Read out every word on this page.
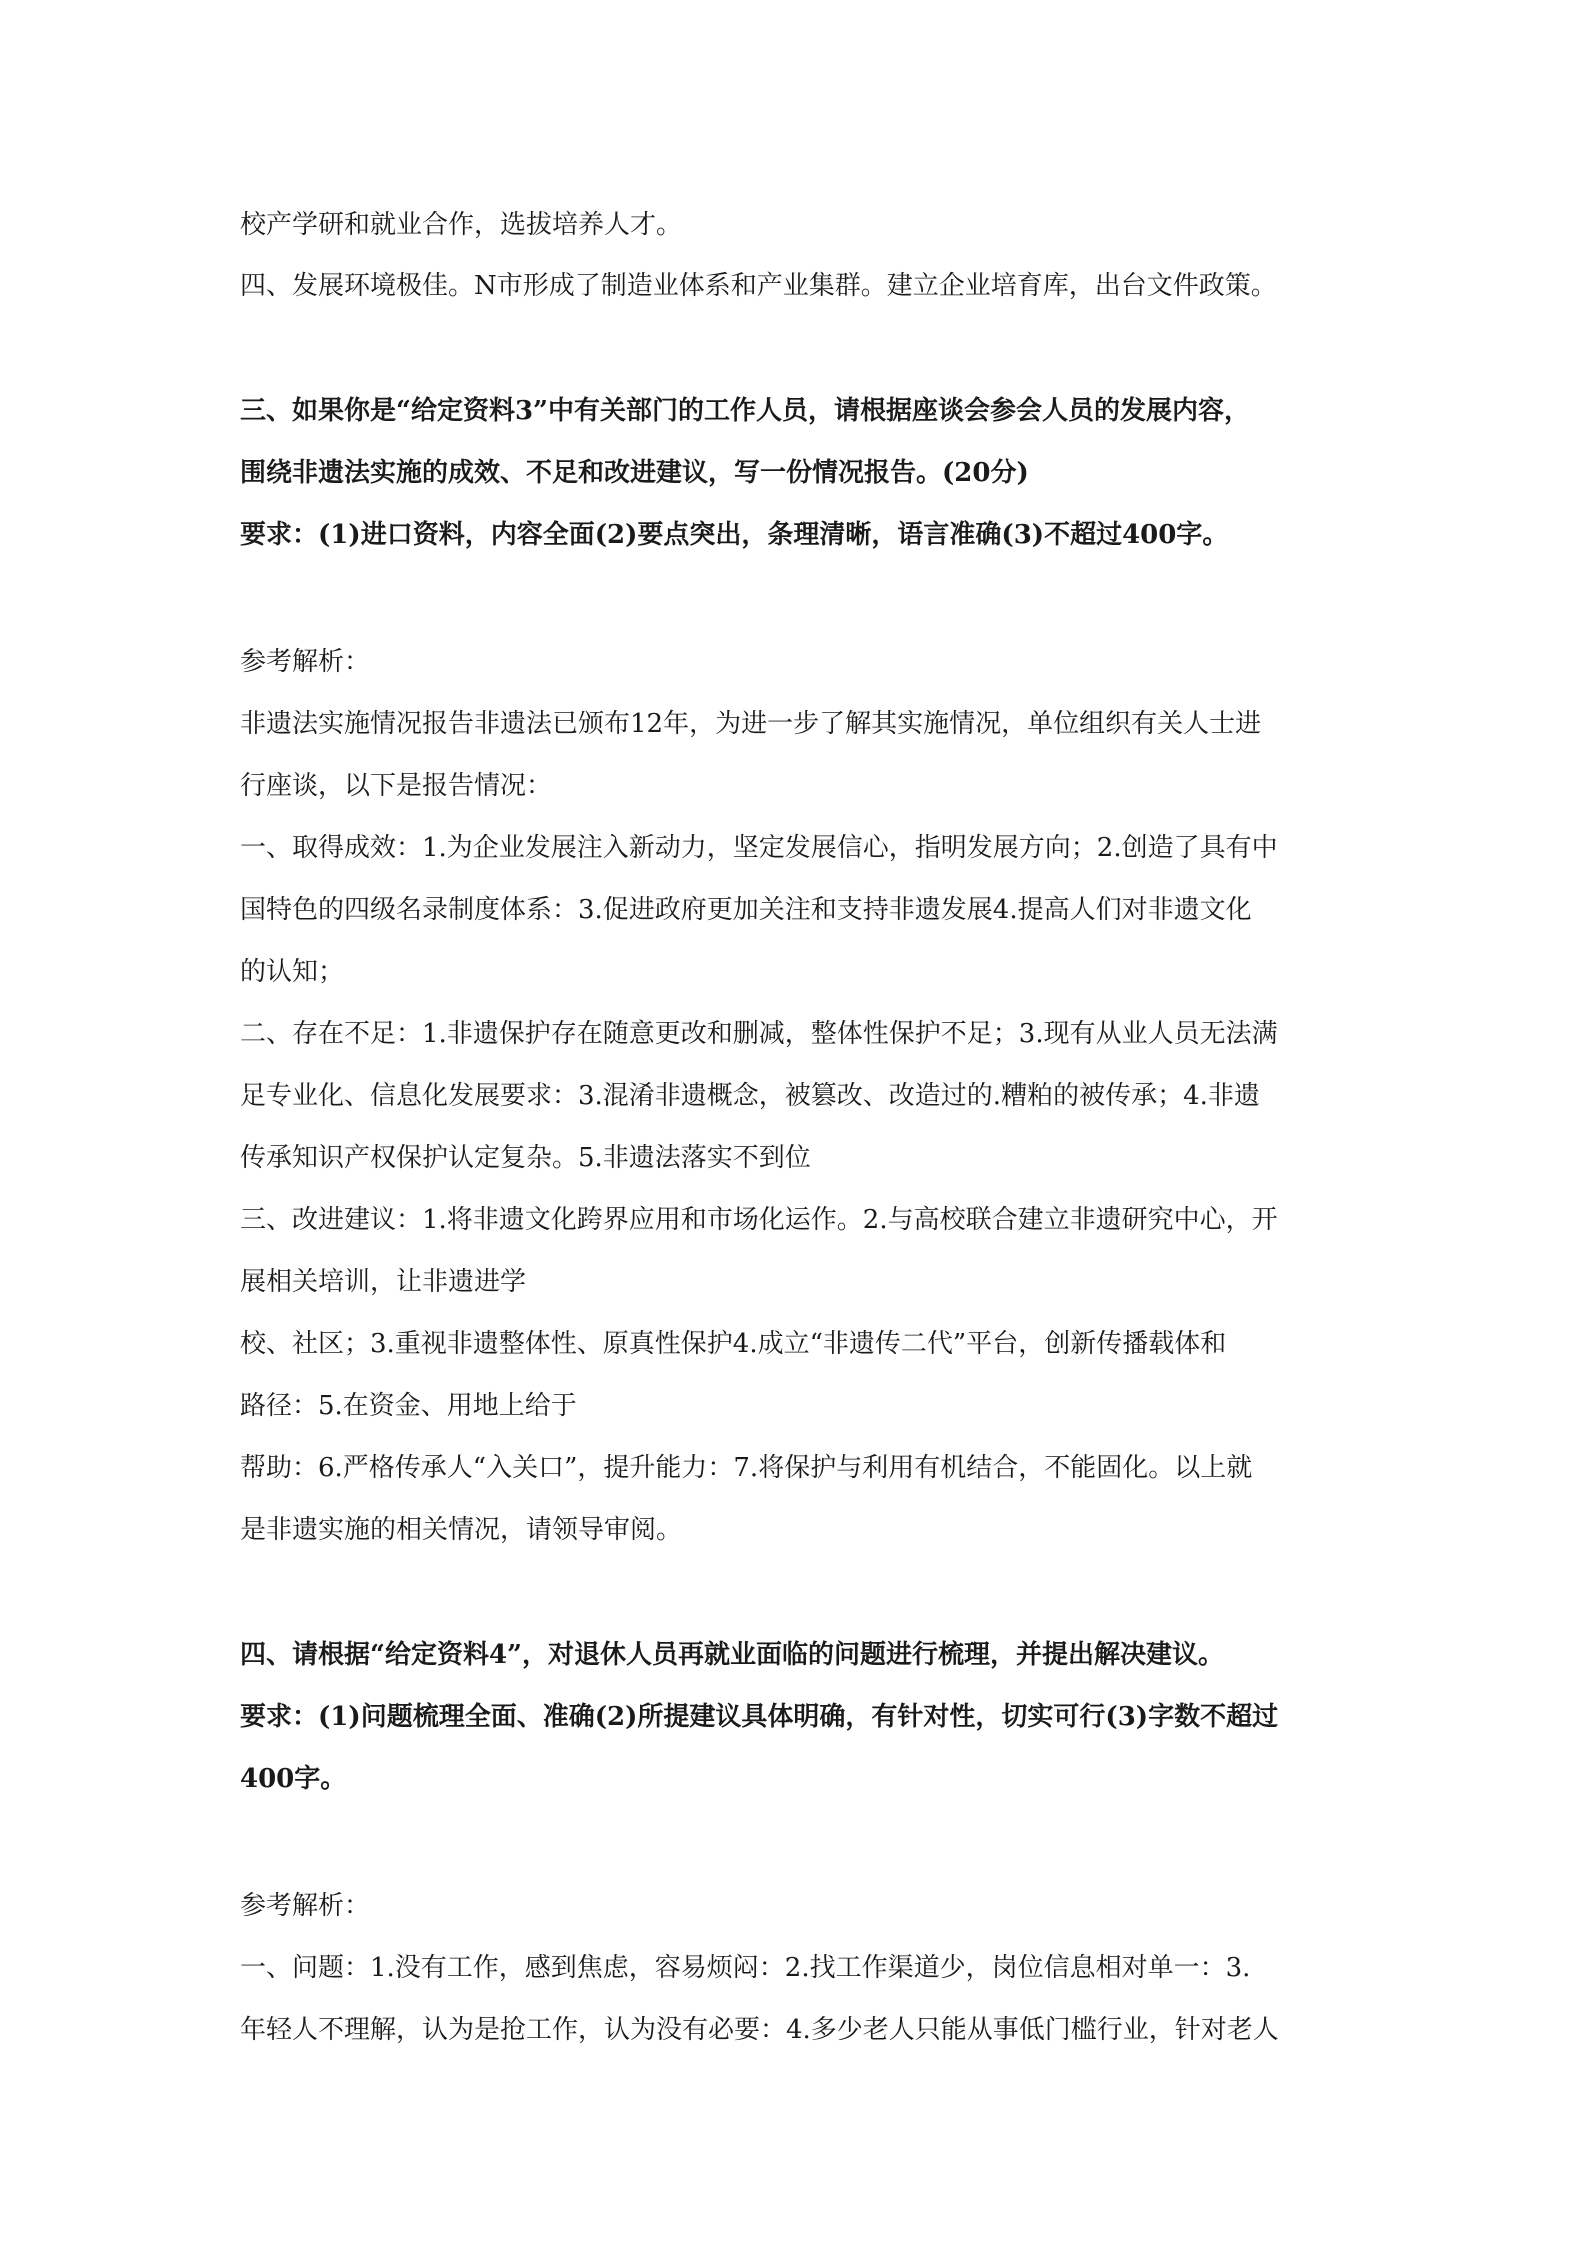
校产学研和就业合作，选拔培养人才。
四、发展环境极佳。N市形成了制造业体系和产业集群。建立企业培育库，出台文件政策。
三、如果你是“给定资料3”中有关部门的工作人员，请根据座谈会参会人员的发展内容，
围绕非遗法实施的成效、不足和改进建议，写一份情况报告。(20分)
要求：(1)进口资料，内容全面(2)要点突出，条理清晰，语言准确(3)不超过400字。
参考解析：
非遗法实施情况报告非遗法已颁布12年，为进一步了解其实施情况，单位组织有关人士进
行座谈，以下是报告情况：
一、取得成效：1.为企业发展注入新动力，坚定发展信心，指明发展方向；2.创造了具有中
国特色的四级名录制度体系：3.促进政府更加关注和支持非遗发展4.提高人们对非遗文化
的认知；
二、存在不足：1.非遗保护存在随意更改和删减，整体性保护不足；3.现有从业人员无法满
足专业化、信息化发展要求：3.混淆非遗概念，被篡改、改造过的.糟粕的被传承；4.非遗
传承知识产权保护认定复杂。5.非遗法落实不到位
三、改进建议：1.将非遗文化跨界应用和市场化运作。2.与高校联合建立非遗研究中心，开
展相关培训，让非遗进学
校、社区；3.重视非遗整体性、原真性保护4.成立“非遗传二代”平台，创新传播载体和
路径：5.在资金、用地上给于
帮助：6.严格传承人“入关口”，提升能力：7.将保护与利用有机结合，不能固化。以上就
是非遗实施的相关情况，请领导审阅。
四、请根据“给定资料4”，对退休人员再就业面临的问题进行梳理，并提出解决建议。
要求：(1)问题梳理全面、准确(2)所提建议具体明确，有针对性，切实可行(3)字数不超过
400字。
参考解析：
一、问题：1.没有工作，感到焦虑，容易烦闷：2.找工作渠道少，岗位信息相对单一：3.
年轻人不理解，认为是抢工作，认为没有必要：4.多少老人只能从事低门槛行业，针对老人
